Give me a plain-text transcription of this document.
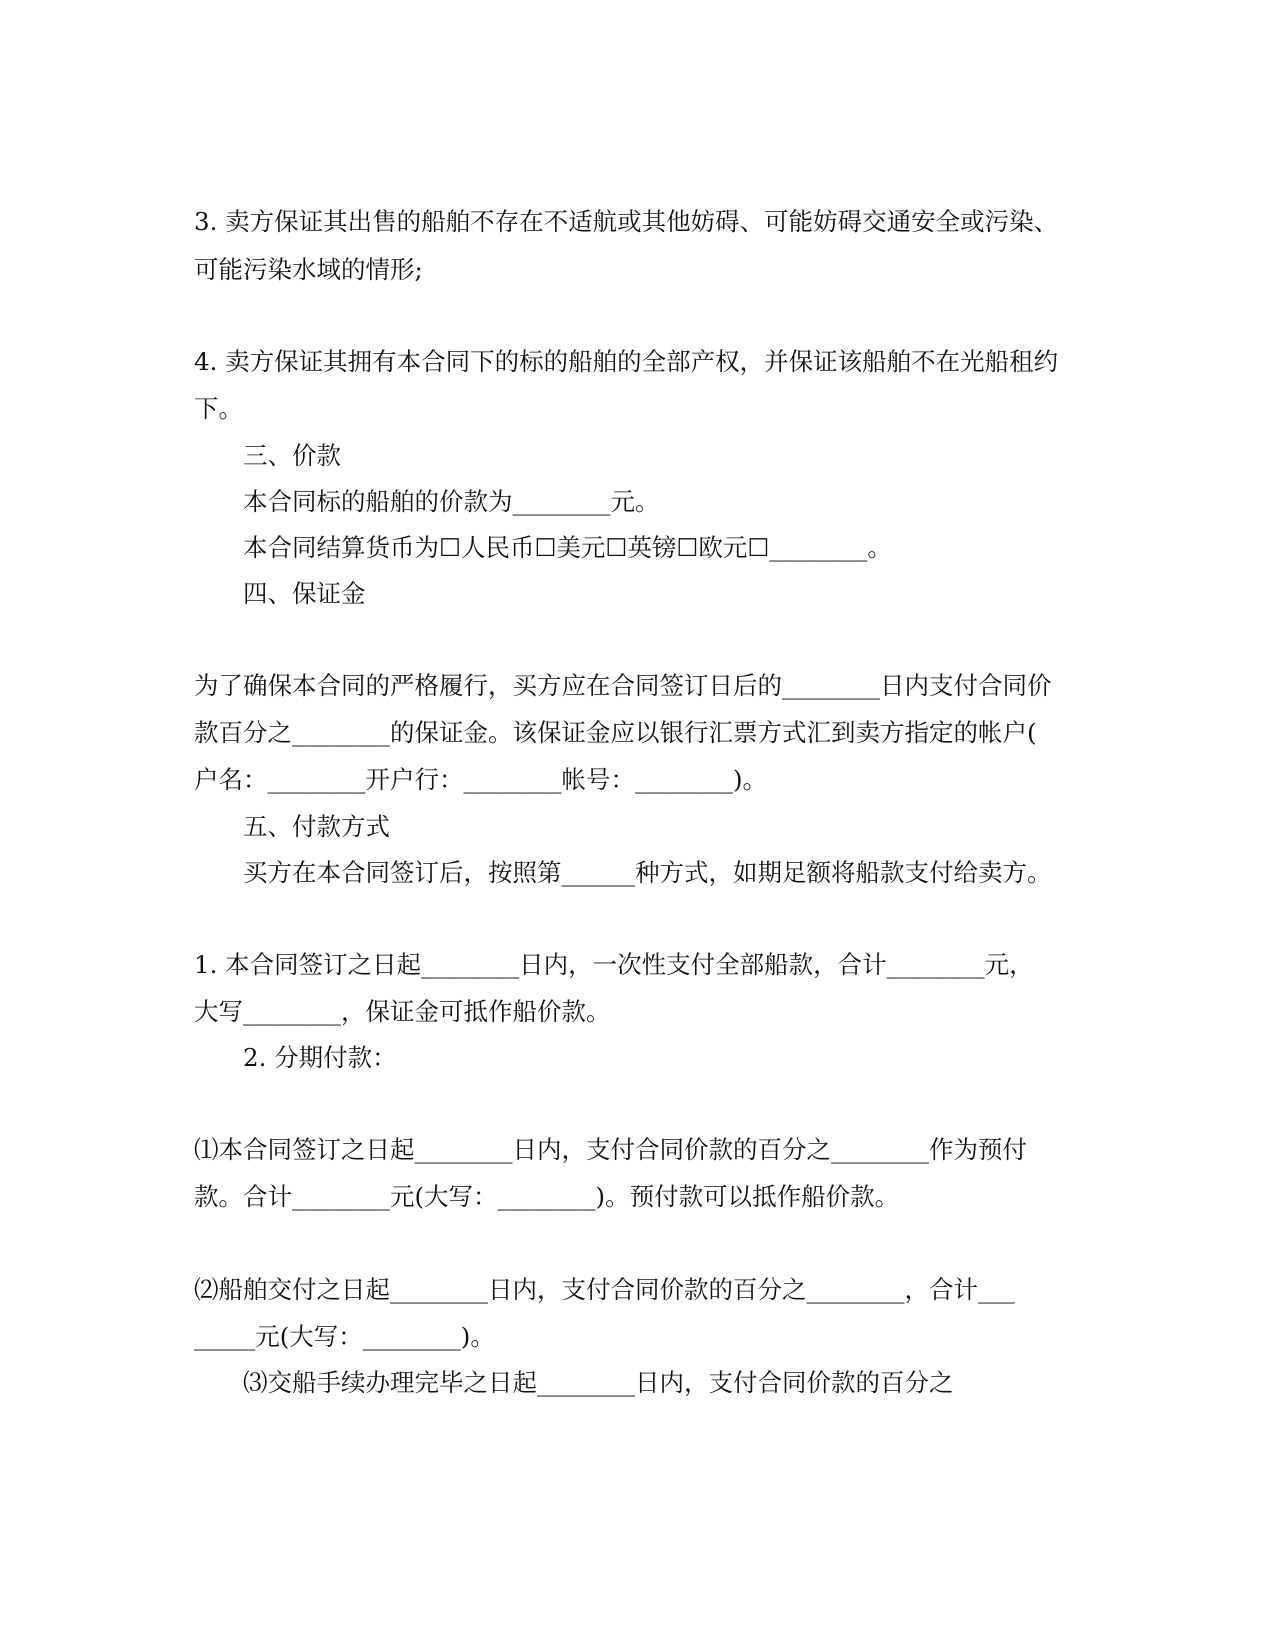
3. 卖方保证其出售的船舶不存在不适航或其他妨碍、可能妨碍交通安全或污染、
可能污染水域的情形;
4. 卖方保证其拥有本合同下的标的船舶的全部产权，并保证该船舶不在光船租约
下。
三、价款
本合同标的船舶的价款为________元。
本合同结算货币为☐人民币☐美元☐英镑☐欧元☐________。
四、保证金
为了确保本合同的严格履行，买方应在合同签订日后的________日内支付合同价
款百分之________的保证金。该保证金应以银行汇票方式汇到卖方指定的帐户(
户名：________开户行：________帐号：________)。
五、付款方式
买方在本合同签订后，按照第______种方式，如期足额将船款支付给卖方。
1. 本合同签订之日起________日内，一次性支付全部船款，合计________元，
大写________，保证金可抵作船价款。
2. 分期付款：
⑴本合同签订之日起________日内，支付合同价款的百分之________作为预付
款。合计________元(大写：________)。预付款可以抵作船价款。
⑵船舶交付之日起________日内，支付合同价款的百分之________，合计___
_____元(大写：________)。
⑶交船手续办理完毕之日起________日内，支付合同价款的百分之
